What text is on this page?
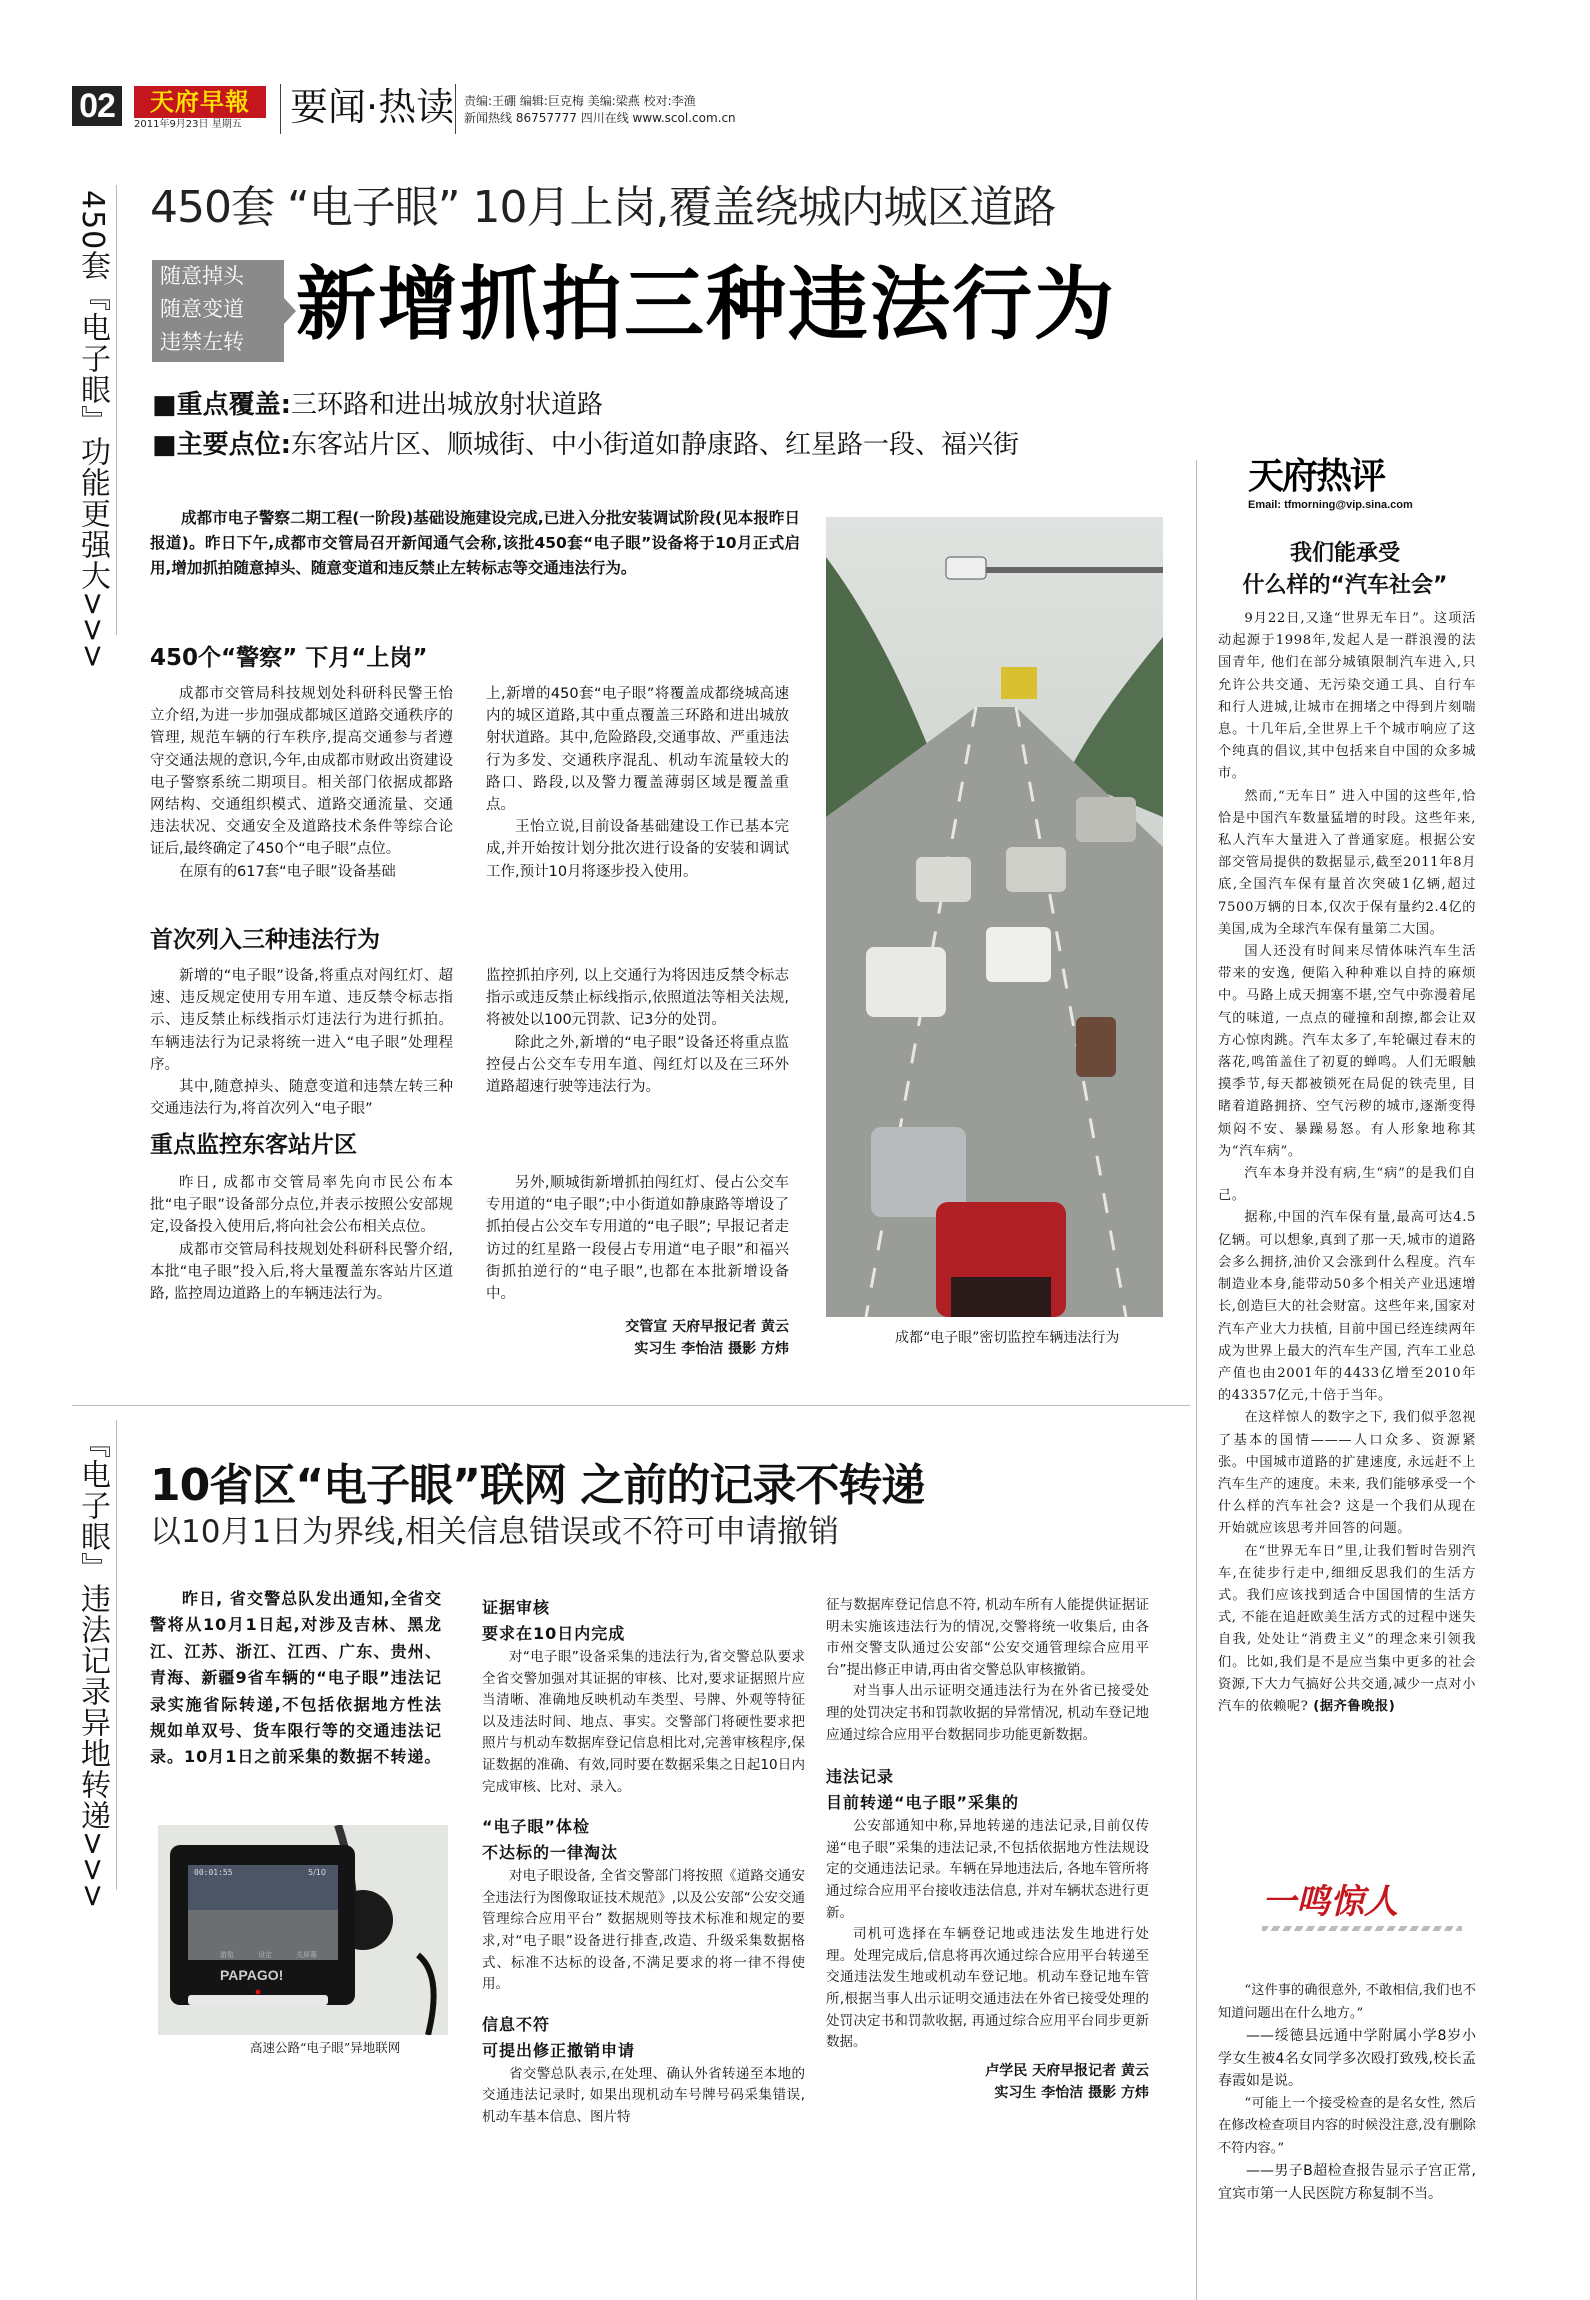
02	天府早報
2011年9月23日 星期五	要闻·热读 责编:王硼 编辑:巨克梅 美编:梁燕 校对:李渔
新闻热线 86757777 四川在线 www.scol.com.cn
450套『电子眼』功能更强大>>>
『电子眼』违法记录异地转递>>>
450套 “电子眼” 10月上岗,覆盖绕城内城区道路
随意掉头
随意变道
违禁左转 新增抓拍三种违法行为
■重点覆盖:三环路和进出城放射状道路
■主要点位:东客站片区、顺城街、中小街道如静康路、红星路一段、福兴街
成都市电子警察二期工程(一阶段)基础设施建设完成,已进入分批安装调试阶段(见本报昨日报道)。昨日下午,成都市交管局召开新闻通气会称,该批450套“电子眼”设备将于10月正式启用,增加抓拍随意掉头、随意变道和违反禁止左转标志等交通违法行为。
450个“警察” 下月“上岗”

成都市交管局科技规划处科研科民警王怡立介绍,为进一步加强成都城区道路交通秩序的管理, 规范车辆的行车秩序,提高交通参与者遵守交通法规的意识,今年,由成都市财政出资建设电子警察系统二期项目。相关部门依据成都路网结构、交通组织模式、道路交通流量、交通违法状况、交通安全及道路技术条件等综合论证后,最终确定了450个“电子眼”点位。

在原有的617套“电子眼”设备基础

上,新增的450套“电子眼”将覆盖成都绕城高速内的城区道路,其中重点覆盖三环路和进出城放射状道路。其中,危险路段,交通事故、严重违法行为多发、交通秩序混乱、机动车流量较大的路口、路段,以及警力覆盖薄弱区域是覆盖重点。

王怡立说,目前设备基础建设工作已基本完成,并开始按计划分批次进行设备的安装和调试工作,预计10月将逐步投入使用。

首次列入三种违法行为

新增的“电子眼”设备,将重点对闯红灯、超速、违反规定使用专用车道、违反禁令标志指示、违反禁止标线指示灯违法行为进行抓拍。车辆违法行为记录将统一进入“电子眼”处理程序。

其中,随意掉头、随意变道和违禁左转三种交通违法行为,将首次列入“电子眼”

监控抓拍序列, 以上交通行为将因违反禁令标志指示或违反禁止标线指示,依照道法等相关法规,将被处以100元罚款、记3分的处罚。

除此之外,新增的“电子眼”设备还将重点监控侵占公交车专用车道、闯红灯以及在三环外道路超速行驶等违法行为。

重点监控东客站片区

昨日, 成都市交管局率先向市民公布本批“电子眼”设备部分点位,并表示按照公安部规定,设备投入使用后,将向社会公布相关点位。

成都市交管局科技规划处科研科民警介绍,本批“电子眼”投入后,将大量覆盖东客站片区道路, 监控周边道路上的车辆违法行为。

另外,顺城街新增抓拍闯红灯、侵占公交车专用道的“电子眼”;中小街道如静康路等增设了抓拍侵占公交车专用道的“电子眼”; 早报记者走访过的红星路一段侵占专用道“电子眼”和福兴街抓拍逆行的“电子眼”,也都在本批新增设备中。

交管宣 天府早报记者 黄云
实习生 李怡洁 摄影 方炜
成都“电子眼”密切监控车辆违法行为
天府热评
Email: tfmorning@vip.sina.com
我们能承受
什么样的“汽车社会”

9月22日,又逢“世界无车日”。这项活动起源于1998年,发起人是一群浪漫的法国青年, 他们在部分城镇限制汽车进入,只允许公共交通、无污染交通工具、自行车和行人进城,让城市在拥堵之中得到片刻喘息。十几年后,全世界上千个城市响应了这个纯真的倡议,其中包括来自中国的众多城市。

然而,“无车日” 进入中国的这些年,恰恰是中国汽车数量猛增的时段。这些年来, 私人汽车大量进入了普通家庭。根据公安部交管局提供的数据显示,截至2011年8月底,全国汽车保有量首次突破1亿辆,超过7500万辆的日本,仅次于保有量约2.4亿的美国,成为全球汽车保有量第二大国。

国人还没有时间来尽情体味汽车生活带来的安逸, 便陷入种种难以自持的麻烦中。马路上成天拥塞不堪,空气中弥漫着尾气的味道, 一点点的碰撞和刮擦,都会让双方心惊肉跳。汽车太多了,车轮碾过春末的落花,鸣笛盖住了初夏的蝉鸣。人们无暇触摸季节,每天都被锁死在局促的铁壳里, 目睹着道路拥挤、空气污秽的城市,逐渐变得烦闷不安、暴躁易怒。有人形象地称其为“汽车病”。

汽车本身并没有病,生“病”的是我们自己。

据称,中国的汽车保有量,最高可达4.5亿辆。可以想象,真到了那一天,城市的道路会多么拥挤,油价又会涨到什么程度。汽车制造业本身,能带动50多个相关产业迅速增长,创造巨大的社会财富。这些年来,国家对汽车产业大力扶植, 目前中国已经连续两年成为世界上最大的汽车生产国, 汽车工业总产值也由2001年的4433亿增至2010年的43357亿元,十倍于当年。

在这样惊人的数字之下, 我们似乎忽视了基本的国情———人口众多、资源紧张。中国城市道路的扩建速度, 永远赶不上汽车生产的速度。未来, 我们能够承受一个什么样的汽车社会? 这是一个我们从现在开始就应该思考并回答的问题。

在“世界无车日”里,让我们暂时告别汽车,在徒步行走中,细细反思我们的生活方式。我们应该找到适合中国国情的生活方式, 不能在追赶欧美生活方式的过程中迷失自我, 处处让“消费主义”的理念来引领我们。比如,我们是不是应当集中更多的社会资源,下大力气搞好公共交通,减少一点对小汽车的依赖呢? (据齐鲁晚报)

一鸣惊人

“这件事的确很意外, 不敢相信,我们也不知道问题出在什么地方。”

——绥德县远通中学附属小学8岁小学女生被4名女同学多次殴打致残,校长孟春霞如是说。

“可能上一个接受检查的是名女性, 然后在修改检查项目内容的时候没注意,没有删除不符内容。”

——男子B超检查报告显示子宫正常,宜宾市第一人民医院方称复制不当。

10省区“电子眼”联网 之前的记录不转递
以10月1日为界线,相关信息错误或不符可申请撤销
昨日, 省交警总队发出通知,全省交警将从10月1日起,对涉及吉林、黑龙江、江苏、浙江、江西、广东、贵州、青海、新疆9省车辆的“电子眼”违法记录实施省际转递,不包括依据地方性法规如单双号、货车限行等的交通违法记录。10月1日之前采集的数据不转递。
00:01:55	5/10
游览	设定	关屏幕
PAPAGO!
高速公路“电子眼”异地联网
证据审核
要求在10日内完成

对“电子眼”设备采集的违法行为,省交警总队要求全省交警加强对其证据的审核、比对,要求证据照片应当清晰、准确地反映机动车类型、号牌、外观等特征以及违法时间、地点、事实。交警部门将硬性要求把照片与机动车数据库登记信息相比对,完善审核程序,保证数据的准确、有效,同时要在数据采集之日起10日内完成审核、比对、录入。

“电子眼”体检
不达标的一律淘汰

对电子眼设备, 全省交警部门将按照《道路交通安全违法行为图像取证技术规范》,以及公安部“公安交通管理综合应用平台” 数据规则等技术标准和规定的要求,对“电子眼”设备进行排查,改造、升级采集数据格式、标准不达标的设备,不满足要求的将一律不得使用。

信息不符
可提出修正撤销申请

省交警总队表示,在处理、确认外省转递至本地的交通违法记录时, 如果出现机动车号牌号码采集错误,机动车基本信息、图片特

征与数据库登记信息不符, 机动车所有人能提供证据证明未实施该违法行为的情况,交警将统一收集后, 由各市州交警支队通过公安部“公安交通管理综合应用平台”提出修正申请,再由省交警总队审核撤销。

对当事人出示证明交通违法行为在外省已接受处理的处罚决定书和罚款收据的异常情况, 机动车登记地应通过综合应用平台数据同步功能更新数据。

违法记录
目前转递“电子眼”采集的

公安部通知中称,异地转递的违法记录,目前仅传递“电子眼”采集的违法记录,不包括依据地方性法规设定的交通违法记录。车辆在异地违法后, 各地车管所将通过综合应用平台接收违法信息, 并对车辆状态进行更新。

司机可选择在车辆登记地或违法发生地进行处理。处理完成后,信息将再次通过综合应用平台转递至交通违法发生地或机动车登记地。机动车登记地车管所,根据当事人出示证明交通违法在外省已接受处理的处罚决定书和罚款收据, 再通过综合应用平台同步更新数据。

卢学民 天府早报记者 黄云
实习生 李怡洁 摄影 方炜
